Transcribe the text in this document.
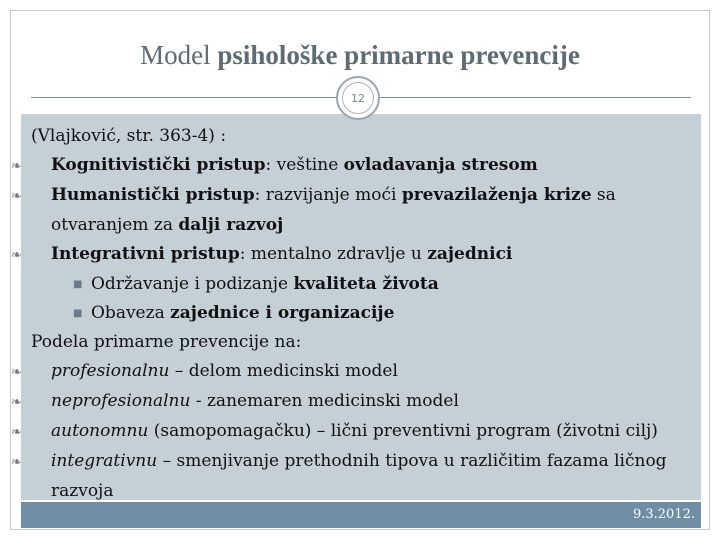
Model psihološke primarne prevencije
12
(Vlajković, str. 363-4) :
❧ Kognitivistički pristup: veštine ovladavanja stresom
❧ Humanistički pristup: razvijanje moći prevazilaženja krize sa otvaranjem za dalji razvoj
❧ Integrativni pristup: mentalno zdravlje u zajednici
■ Održavanje i podizanje kvaliteta života
■ Obaveza zajednice i organizacije
Podela primarne prevencije na:
❧ profesionalnu – delom medicinski model
❧ neprofesionalnu - zanemaren medicinski model
❧ autonomnu (samopomagačku) – lični preventivni program (životni cilj)
❧ integrativnu – smenjivanje prethodnih tipova u različitim fazama ličnog razvoja
9.3.2012.
